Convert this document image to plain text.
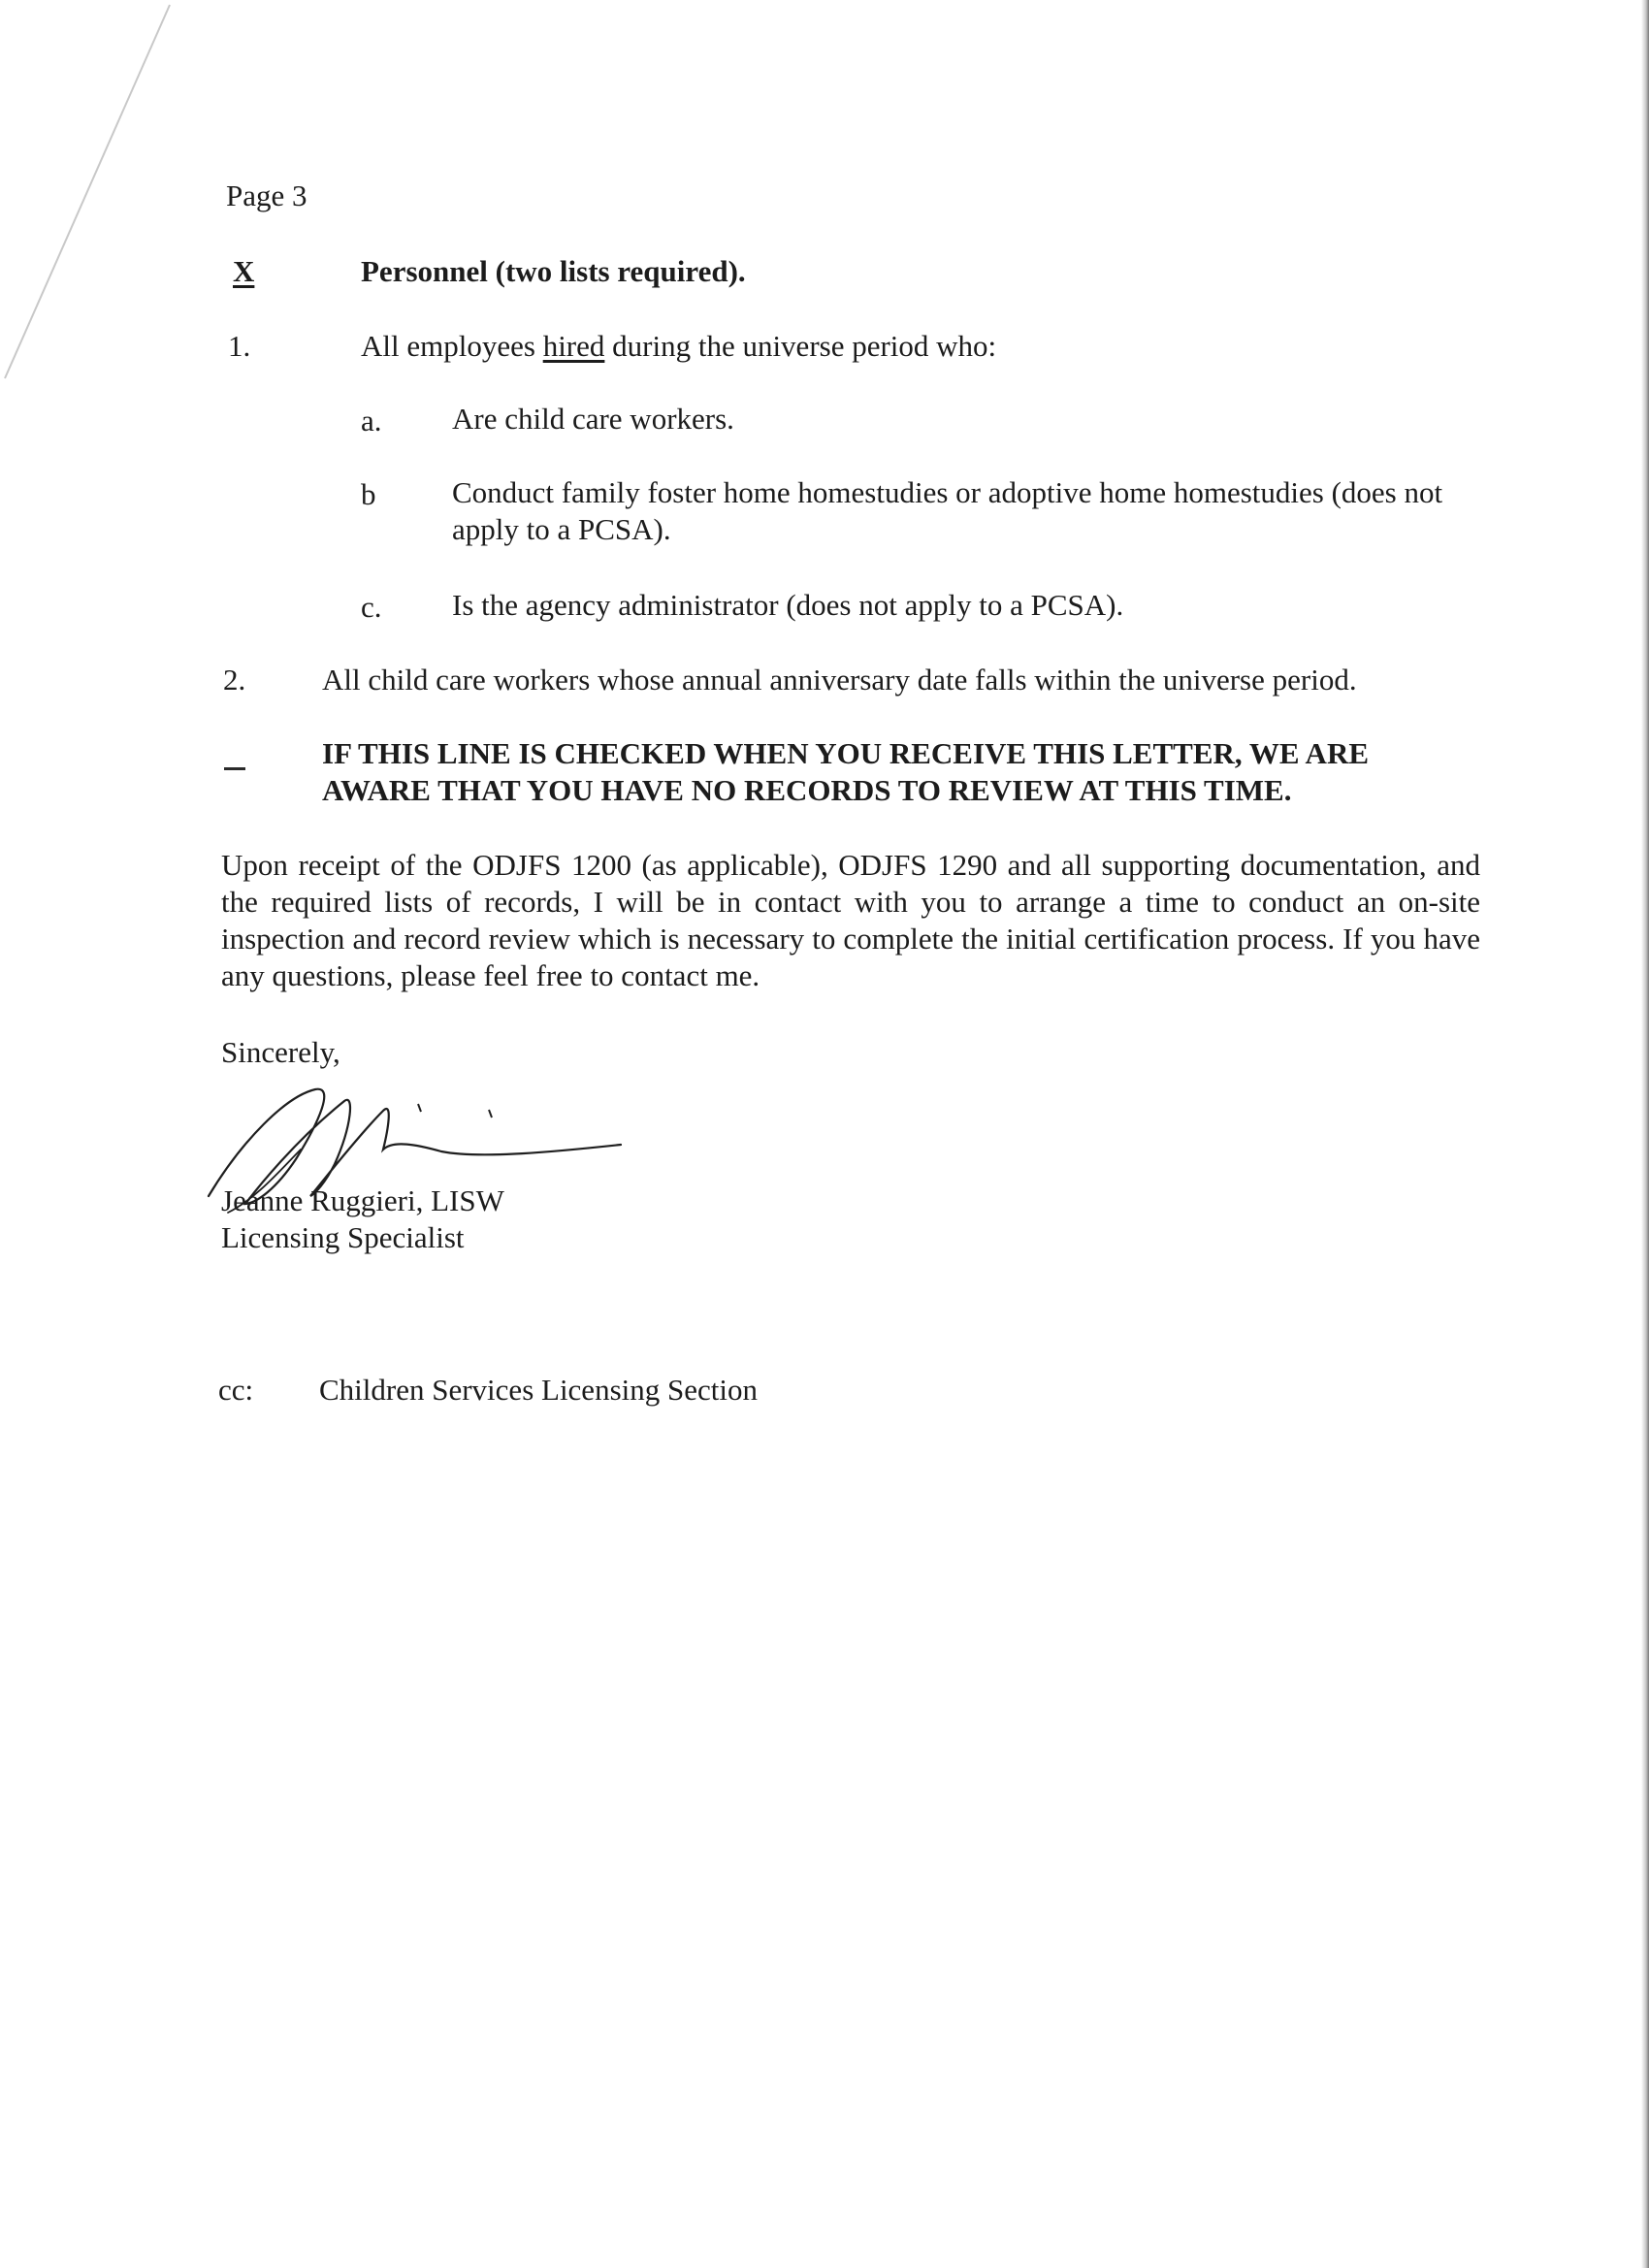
Page 3
X	Personnel (two lists required).
1.	All employees hired during the universe period who:
a. Are child care workers.
b	Conduct family foster home homestudies or adoptive home homestudies (does not apply to a PCSA).
c. Is the agency administrator (does not apply to a PCSA).
2.	All child care workers whose annual anniversary date falls within the universe period.
IF THIS LINE IS CHECKED WHEN YOU RECEIVE THIS LETTER, WE ARE
AWARE THAT YOU HAVE NO RECORDS TO REVIEW AT THIS TIME.
Upon receipt of the ODJFS 1200 (as applicable), ODJFS 1290 and all supporting documentation, and the required lists of records, I will be in contact with you to arrange a time to conduct an on-site inspection and record review which is necessary to complete the initial certification process. If you have any questions, please feel free to contact me.
Sincerely,
Jeanne Ruggieri, LISW
Licensing Specialist
cc: Children Services Licensing Section
